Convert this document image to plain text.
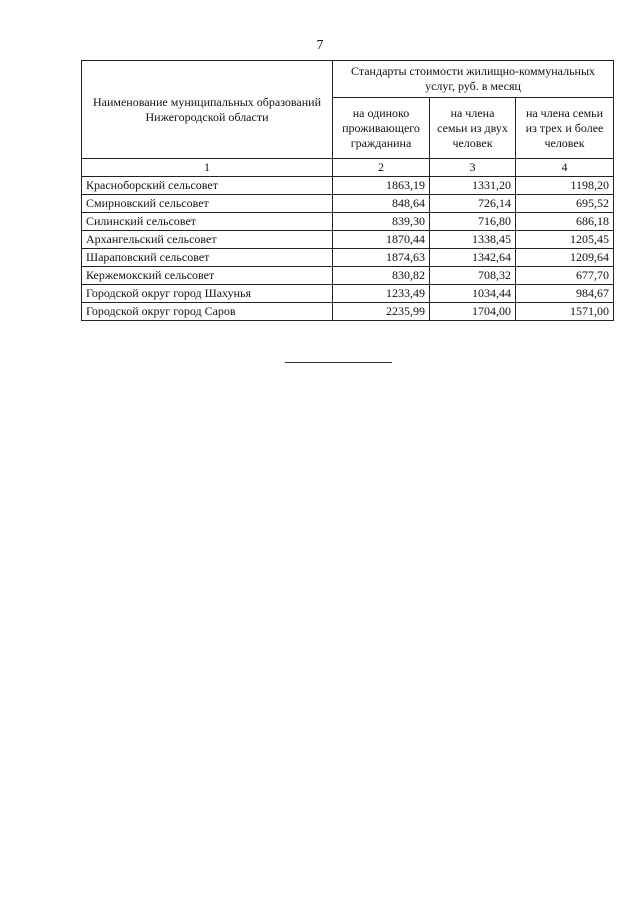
7
Наименование муниципальных образований Нижегородской области	Стандарты стоимости жилищно-коммунальных услуг, руб. в месяц		
	на одиноко проживающего гражданина	на члена семьи из двух человек	на члена семьи из трех и более человек
1	2	3	4
Красноборский сельсовет	1863,19	1331,20	1198,20
Смирновский сельсовет	848,64	726,14	695,52
Силинский сельсовет	839,30	716,80	686,18
Архангельский сельсовет	1870,44	1338,45	1205,45
Шараповский сельсовет	1874,63	1342,64	1209,64
Кержемокский сельсовет	830,82	708,32	677,70
Городской округ город Шахунья	1233,49	1034,44	984,67
Городской округ город Саров	2235,99	1704,00	1571,00
